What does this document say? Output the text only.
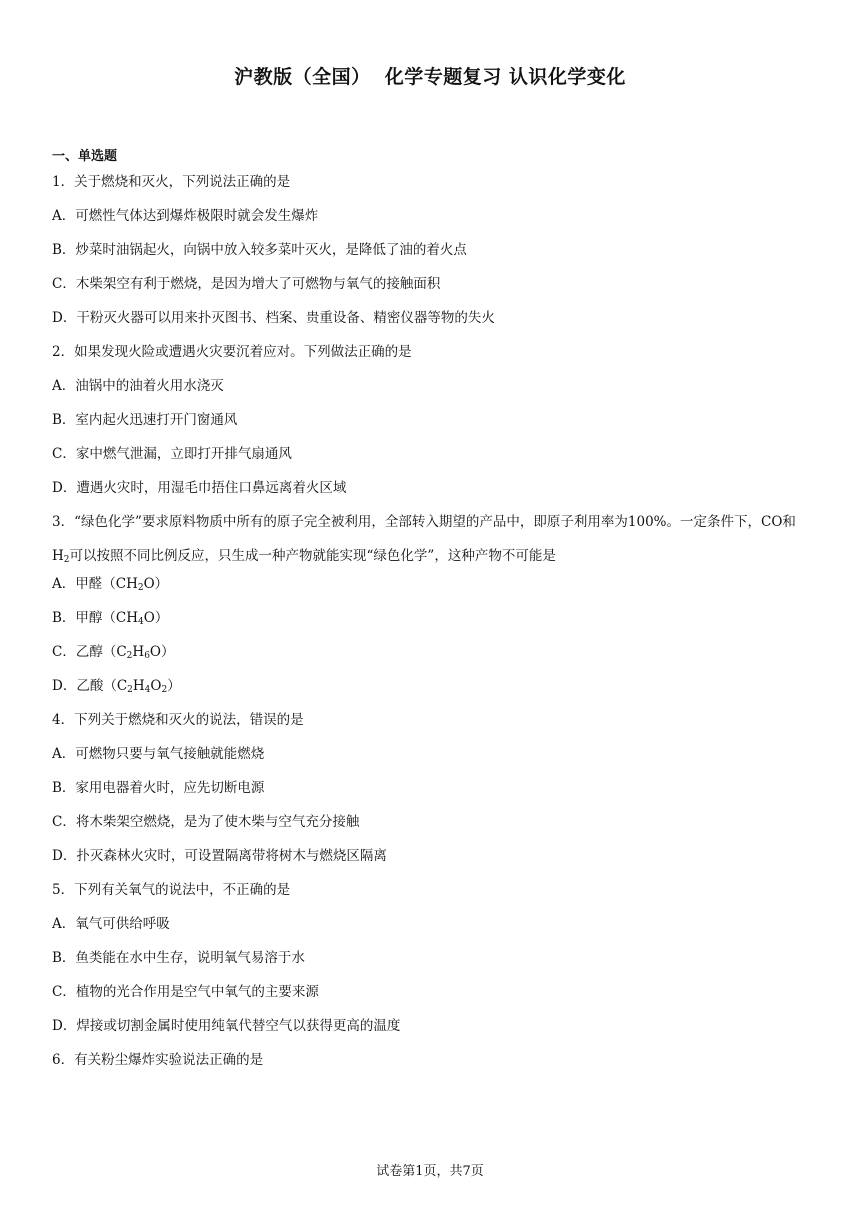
沪教版（全国）  化学专题复习 认识化学变化
一、单选题
1．关于燃烧和灭火，下列说法正确的是
A．可燃性气体达到爆炸极限时就会发生爆炸
B．炒菜时油锅起火，向锅中放入较多菜叶灭火，是降低了油的着火点
C．木柴架空有利于燃烧，是因为增大了可燃物与氧气的接触面积
D．干粉灭火器可以用来扑灭图书、档案、贵重设备、精密仪器等物的失火
2．如果发现火险或遭遇火灾要沉着应对。下列做法正确的是
A．油锅中的油着火用水浇灭
B．室内起火迅速打开门窗通风
C．家中燃气泄漏，立即打开排气扇通风
D．遭遇火灾时，用湿毛巾捂住口鼻远离着火区域
3．“绿色化学”要求原料物质中所有的原子完全被利用，全部转入期望的产品中，即原子利用率为100%。一定条件下，CO和$H_2$可以按照不同比例反应，只生成一种产物就能实现“绿色化学”，这种产物不可能是
A．甲醛$(CH_2O)$
B．甲醇$(CH_4O)$
C．乙醇$(C_2H_6O)$
D．乙酸$(C_2H_4O_2)$
4．下列关于燃烧和灭火的说法，错误的是
A．可燃物只要与氧气接触就能燃烧
B．家用电器着火时，应先切断电源
C．将木柴架空燃烧，是为了使木柴与空气充分接触
D．扑灭森林火灾时，可设置隔离带将树木与燃烧区隔离
5．下列有关氧气的说法中，不正确的是
A．氧气可供给呼吸
B．鱼类能在水中生存，说明氧气易溶于水
C．植物的光合作用是空气中氧气的主要来源
D．焊接或切割金属时使用纯氧代替空气以获得更高的温度
6．有关粉尘爆炸实验说法正确的是
试卷第1页，共7页
